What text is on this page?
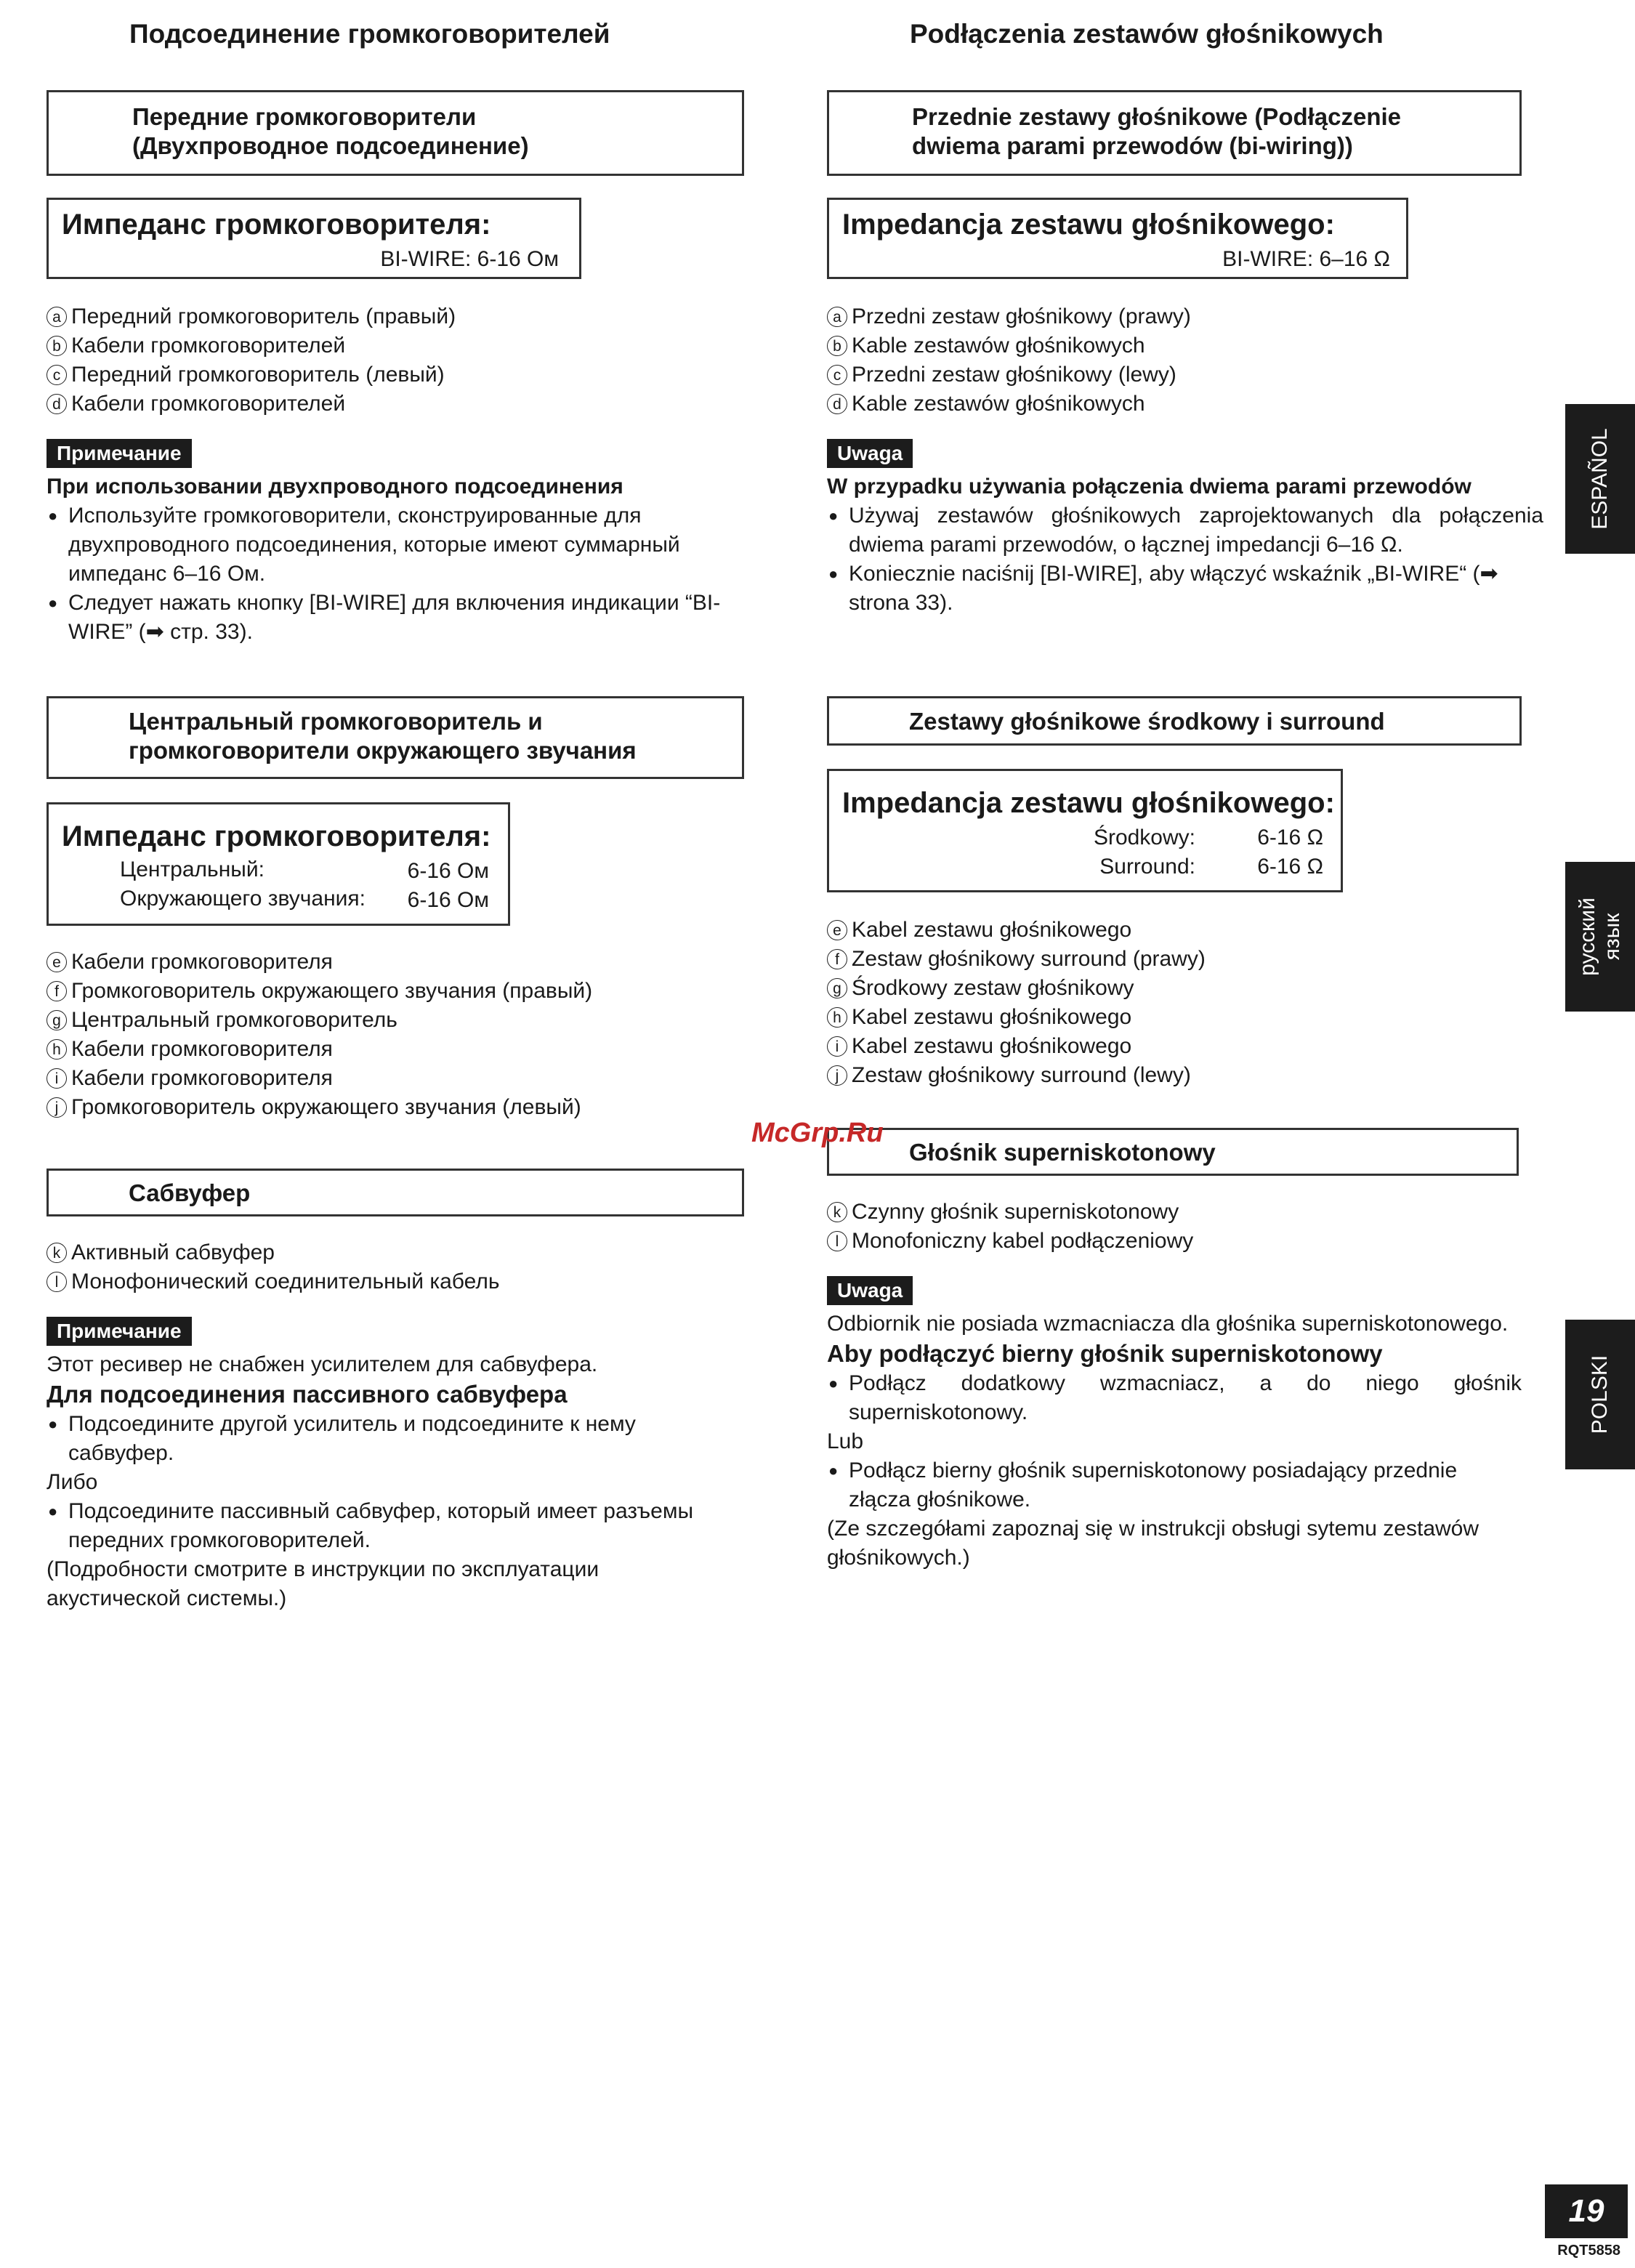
Подсоединение громкоговорителей
Передние громкоговорители
(Двухпроводное подсоединение)
Импеданс громкоговорителя:
BI-WIRE: 6-16 Ом
a Передний громкоговоритель (правый)
b Кабели громкоговорителей
c Передний громкоговоритель (левый)
d Кабели громкоговорителей
Примечание
При использовании двухпроводного подсоединения
● Используйте громкоговорители, сконструированные для двухпроводного подсоединения, которые имеют суммарный импеданс 6–16 Ом.
● Следует нажать кнопку [BI-WIRE] для включения индикации “BI-WIRE” (➡ стр. 33).
Центральный громкоговоритель и
громкоговорители окружающего звучания
Импеданс громкоговорителя:
Центральный:	6-16 Ом
Окружающего звучания: 6-16 Ом
e Кабели громкоговорителя
f Громкоговоритель окружающего звучания (правый)
g Центральный громкоговоритель
h Кабели громкоговорителя
i Кабели громкоговорителя
j Громкоговоритель окружающего звучания (левый)
Сабвуфер
k Активный сабвуфер
l Монофонический соединительный кабель
Примечание
Этот ресивер не снабжен усилителем для сабвуфера.
Для подсоединения пассивного сабвуфера
● Подсоедините другой усилитель и подсоедините к нему сабвуфер.
Либо
● Подсоедините пассивный сабвуфер, который имеет разъемы передних громкоговорителей.
(Подробности смотрите в инструкции по эксплуатации акустической системы.)
Podłączenia zestawów głośnikowych
Przednie zestawy głośnikowe (Podłączenie
dwiema parami przewodów (bi-wiring))
Impedancja zestawu głośnikowego:
BI-WIRE: 6–16 Ω
a Przedni zestaw głośnikowy (prawy)
b Kable zestawów głośnikowych
c Przedni zestaw głośnikowy (lewy)
d Kable zestawów głośnikowych
Uwaga
W przypadku używania połączenia dwiema parami przewodów
● Używaj zestawów głośnikowych zaprojektowanych dla połączenia dwiema parami przewodów, o łącznej impedancji 6–16 Ω.
● Koniecznie naciśnij [BI-WIRE], aby włączyć wskaźnik „BI-WIRE“ (➡ strona 33).
Zestawy głośnikowe środkowy i surround
Impedancja zestawu głośnikowego:
Środkowy:	6-16 Ω
Surround:	6-16 Ω
e Kabel zestawu głośnikowego
f Zestaw głośnikowy surround (prawy)
g Środkowy zestaw głośnikowy
h Kabel zestawu głośnikowego
i Kabel zestawu głośnikowego
j Zestaw głośnikowy surround (lewy)
Głośnik superniskotonowy
k Czynny głośnik superniskotonowy
l Monofoniczny kabel podłączeniowy
Uwaga
Odbiornik nie posiada wzmacniacza dla głośnika superniskotonowego.
Aby podłączyć bierny głośnik superniskotonowy
● Podłącz dodatkowy wzmacniacz, a do niego głośnik superniskotonowy.
Lub
● Podłącz bierny głośnik superniskotonowy posiadający przednie złącza głośnikowe.
(Ze szczegółami zapoznaj się w instrukcji obsługi sytemu zestawów głośnikowych.)
McGrp.Ru
ESPAÑOL
русский язык
POLSKI
19
RQT5858
